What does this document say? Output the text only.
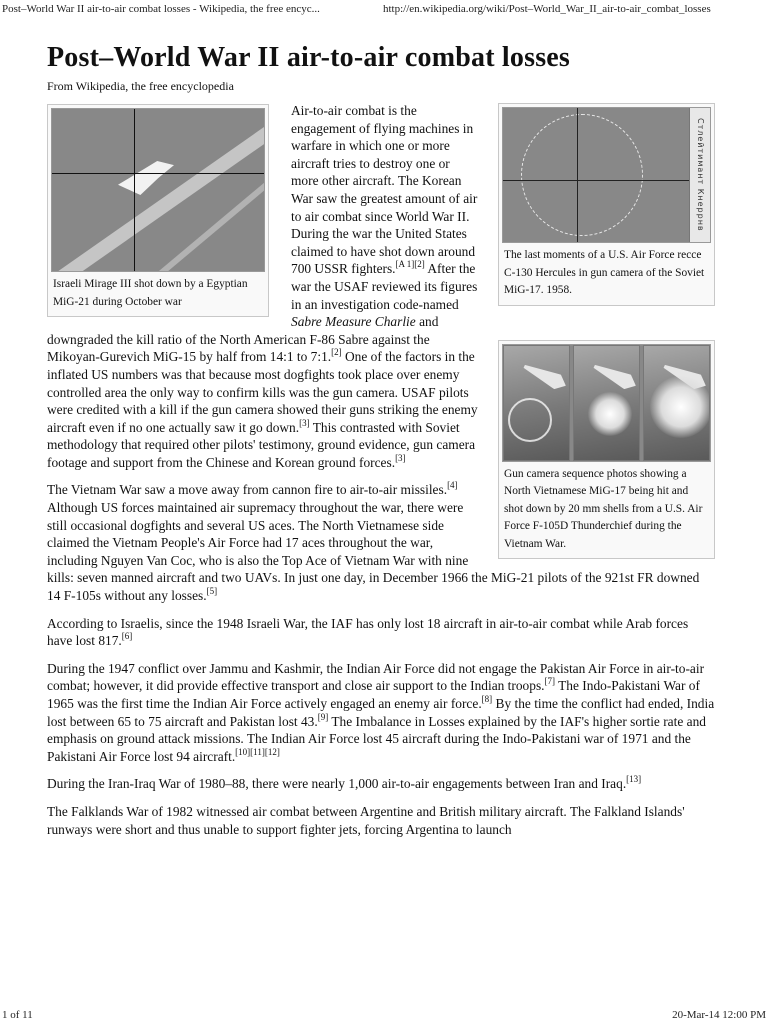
Post–World War II air-to-air combat losses - Wikipedia, the free encyc...	http://en.wikipedia.org/wiki/Post–World_War_II_air-to-air_combat_losses
Post–World War II air-to-air combat losses
From Wikipedia, the free encyclopedia
Стлейтимант Кнеррнв
The last moments of a U.S. Air Force recce C-130 Hercules in gun camera of the Soviet MiG-17. 1958.
Israeli Mirage III shot down by a Egyptian MiG-21 during October war
Gun camera sequence photos showing a North Vietnamese MiG-17 being hit and shot down by 20 mm shells from a U.S. Air Force F-105D Thunderchief during the Vietnam War.

Air-to-air combat is the engagement of flying machines in warfare in which one or more aircraft tries to destroy one or more other aircraft. The Korean War saw the greatest amount of air to air combat since World War II. During the war the United States claimed to have shot down around 700 USSR fighters.[A 1][2] After the war the USAF reviewed its figures in an investigation code-named Sabre Measure Charlie and downgraded the kill ratio of the North American F-86 Sabre against the Mikoyan-Gurevich MiG-15 by half from 14:1 to 7:1.[2] One of the factors in the inflated US numbers was that because most dogfights took place over enemy controlled area the only way to confirm kills was the gun camera. USAF pilots were credited with a kill if the gun camera showed their guns striking the enemy aircraft even if no one actually saw it go down.[3] This contrasted with Soviet methodology that required other pilots' testimony, ground evidence, gun camera footage and support from the Chinese and Korean ground forces.[3]

The Vietnam War saw a move away from cannon fire to air-to-air missiles.[4] Although US forces maintained air supremacy throughout the war, there were still occasional dogfights and several US aces. The North Vietnamese side claimed the Vietnam People's Air Force had 17 aces throughout the war, including Nguyen Van Coc, who is also the Top Ace of Vietnam War with nine kills: seven manned aircraft and two UAVs. In just one day, in December 1966 the MiG-21 pilots of the 921st FR downed 14 F-105s without any losses.[5]

According to Israelis, since the 1948 Israeli War, the IAF has only lost 18 aircraft in air-to-air combat while Arab forces have lost 817.[6]

During the 1947 conflict over Jammu and Kashmir, the Indian Air Force did not engage the Pakistan Air Force in air-to-air combat; however, it did provide effective transport and close air support to the Indian troops.[7] The Indo-Pakistani War of 1965 was the first time the Indian Air Force actively engaged an enemy air force.[8] By the time the conflict had ended, India lost between 65 to 75 aircraft and Pakistan lost 43.[9] The Imbalance in Losses explained by the IAF's higher sortie rate and emphasis on ground attack missions. The Indian Air Force lost 45 aircraft during the Indo-Pakistani war of 1971 and the Pakistani Air Force lost 94 aircraft.[10][11][12]

During the Iran-Iraq War of 1980–88, there were nearly 1,000 air-to-air engagements between Iran and Iraq.[13]

The Falklands War of 1982 witnessed air combat between Argentine and British military aircraft. The Falkland Islands' runways were short and thus unable to support fighter jets, forcing Argentina to launch

1 of 11	20-Mar-14 12:00 PM
